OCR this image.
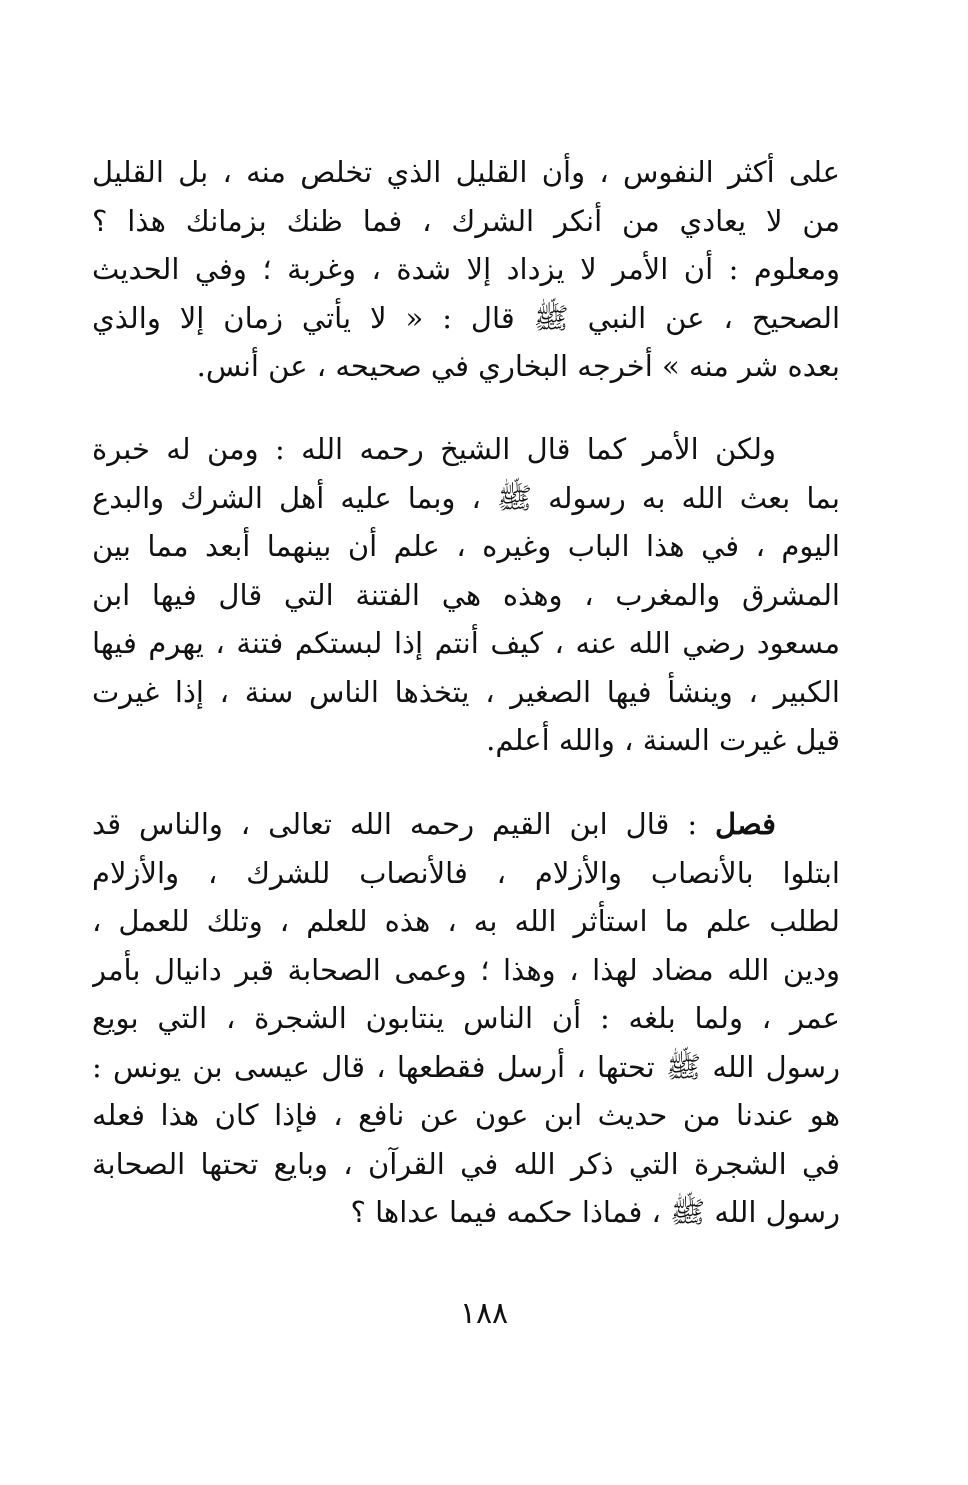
على أكثر النفوس ، وأن القليل الذي تخلص منه ، بل القليل
من لا يعادي من أنكر الشرك ، فما ظنك بزمانك هذا ؟
ومعلوم : أن الأمر لا يزداد إلا شدة ، وغربة ؛ وفي الحديث
الصحيح ، عن النبي ﷺ قال : « لا يأتي زمان إلا والذي
بعده شر منه » أخرجه البخاري في صحيحه ، عن أنس.
ولكن الأمر كما قال الشيخ رحمه الله : ومن له خبرة
بما بعث الله به رسوله ﷺ ، وبما عليه أهل الشرك والبدع
اليوم ، في هذا الباب وغيره ، علم أن بينهما أبعد مما بين
المشرق والمغرب ، وهذه هي الفتنة التي قال فيها ابن
مسعود رضي الله عنه ، كيف أنتم إذا لبستكم فتنة ، يهرم فيها
الكبير ، وينشأ فيها الصغير ، يتخذها الناس سنة ، إذا غيرت
قيل غيرت السنة ، والله أعلم.
فصل : قال ابن القيم رحمه الله تعالى ، والناس قد
ابتلوا بالأنصاب والأزلام ، فالأنصاب للشرك ، والأزلام
لطلب علم ما استأثر الله به ، هذه للعلم ، وتلك للعمل ،
ودين الله مضاد لهذا ، وهذا ؛ وعمى الصحابة قبر دانيال بأمر
عمر ، ولما بلغه : أن الناس ينتابون الشجرة ، التي بويع
رسول الله ﷺ تحتها ، أرسل فقطعها ، قال عيسى بن يونس :
هو عندنا من حديث ابن عون عن نافع ، فإذا كان هذا فعله
في الشجرة التي ذكر الله في القرآن ، وبايع تحتها الصحابة
رسول الله ﷺ ، فماذا حكمه فيما عداها ؟
١٨٨
